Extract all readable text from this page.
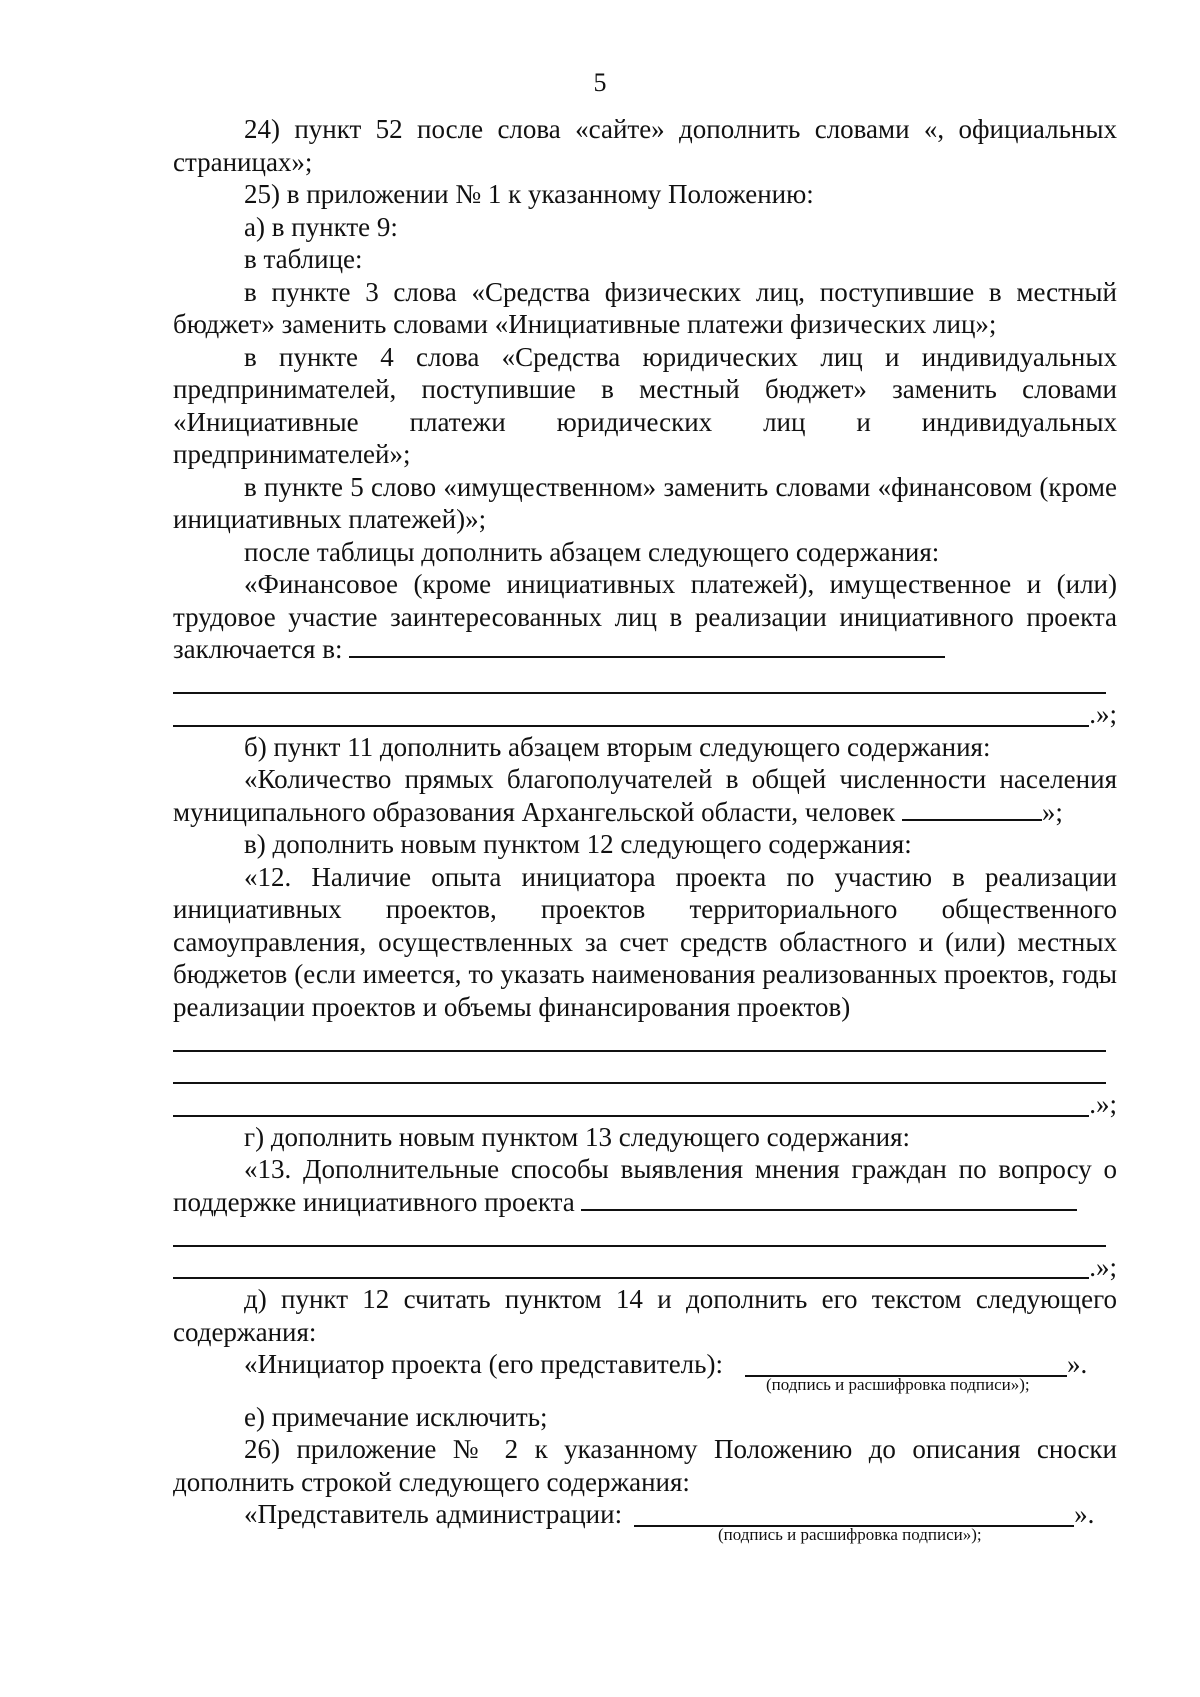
5

24) пункт 52 после слова «сайте» дополнить словами «, официальных страницах»;

25) в приложении № 1 к указанному Положению:

а) в пункте 9:

в таблице:

в пункте 3 слова «Средства физических лиц, поступившие в местный бюджет» заменить словами «Инициативные платежи физических лиц»;

в пункте 4 слова «Средства юридических лиц и индивидуальных предпринимателей, поступившие в местный бюджет» заменить словами «Инициативные платежи юридических лиц и индивидуальных предпринимателей»;

в пункте 5 слово «имущественном» заменить словами «финансовом (кроме инициативных платежей)»;

после таблицы дополнить абзацем следующего содержания:

«Финансовое (кроме инициативных платежей), имущественное и (или) трудовое участие заинтересованных лиц в реализации инициативного проекта заключается в:

.»;

б) пункт 11 дополнить абзацем вторым следующего содержания:

«Количество прямых благополучателей в общей численности населения муниципального образования Архангельской области, человек	»;

в) дополнить новым пунктом 12 следующего содержания:

«12. Наличие опыта инициатора проекта по участию в реализации инициативных проектов, проектов территориального общественного самоуправления, осуществленных за счет средств областного и (или) местных бюджетов (если имеется, то указать наименования реализованных проектов, годы реализации проектов и объемы финансирования проектов)

.»;

г) дополнить новым пунктом 13 следующего содержания:

«13. Дополнительные способы выявления мнения граждан по вопросу о поддержке инициативного проекта

.»;

д) пункт 12 считать пунктом 14 и дополнить его текстом следующего содержания:

«Инициатор проекта (его представитель):	».
(подпись и расшифровка подписи»);

е) примечание исключить;

26) приложение № 2 к указанному Положению до описания сноски дополнить строкой следующего содержания:

«Представитель администрации:	».
(подпись и расшифровка подписи»);
